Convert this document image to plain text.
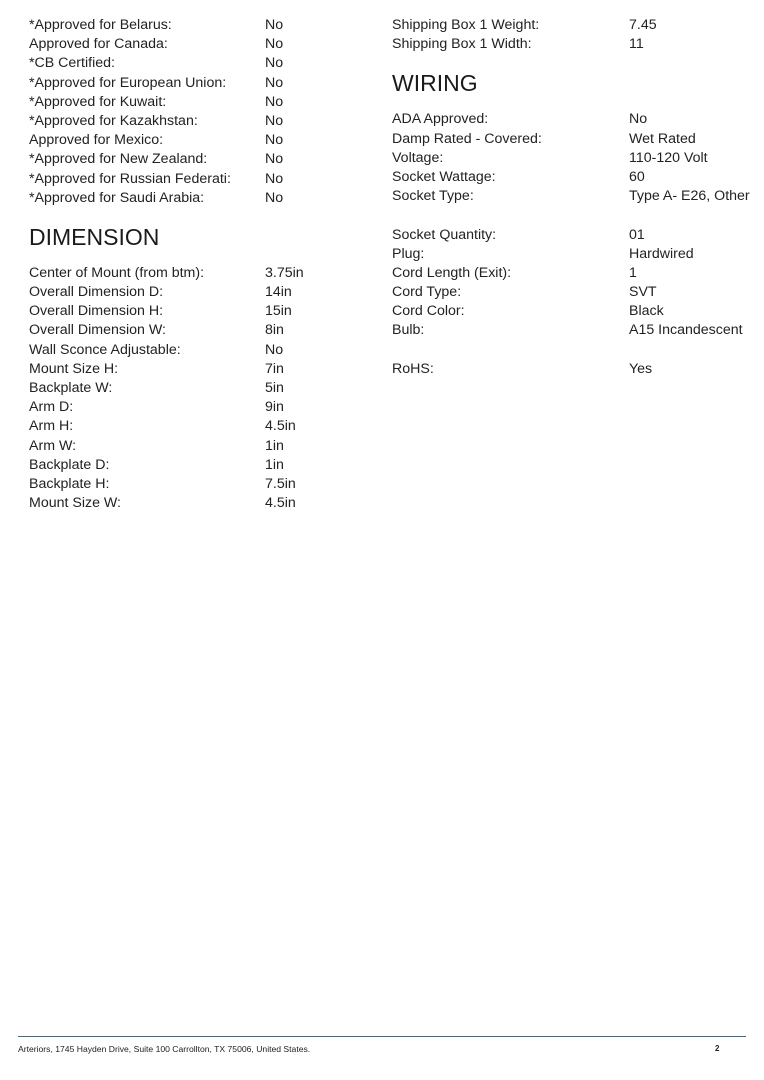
*Approved for Belarus:	No
Approved for Canada:	No
*CB Certified:	No
*Approved for European Union:	No
*Approved for Kuwait:	No
*Approved for Kazakhstan:	No
Approved for Mexico:	No
*Approved for New Zealand:	No
*Approved for Russian Federati:	No
*Approved for Saudi Arabia:	No
DIMENSION
Center of Mount (from btm):	3.75in
Overall Dimension D:	14in
Overall Dimension H:	15in
Overall Dimension W:	8in
Wall Sconce Adjustable:	No
Mount Size H:	7in
Backplate W:	5in
Arm D:	9in
Arm H:	4.5in
Arm W:	1in
Backplate D:	1in
Backplate H:	7.5in
Mount Size W:	4.5in
Shipping Box 1 Weight:	7.45
Shipping Box 1 Width:	11
WIRING
ADA Approved:	No
Damp Rated - Covered:	Wet Rated
Voltage:	110-120 Volt
Socket Wattage:	60
Socket Type:	Type A- E26, Other
Socket Quantity:	01
Plug:	Hardwired
Cord Length (Exit):	1
Cord Type:	SVT
Cord Color:	Black
Bulb:	A15 Incandescent
RoHS:	Yes
Arteriors, 1745 Hayden Drive, Suite 100 Carrollton, TX 75006, United States.	2
